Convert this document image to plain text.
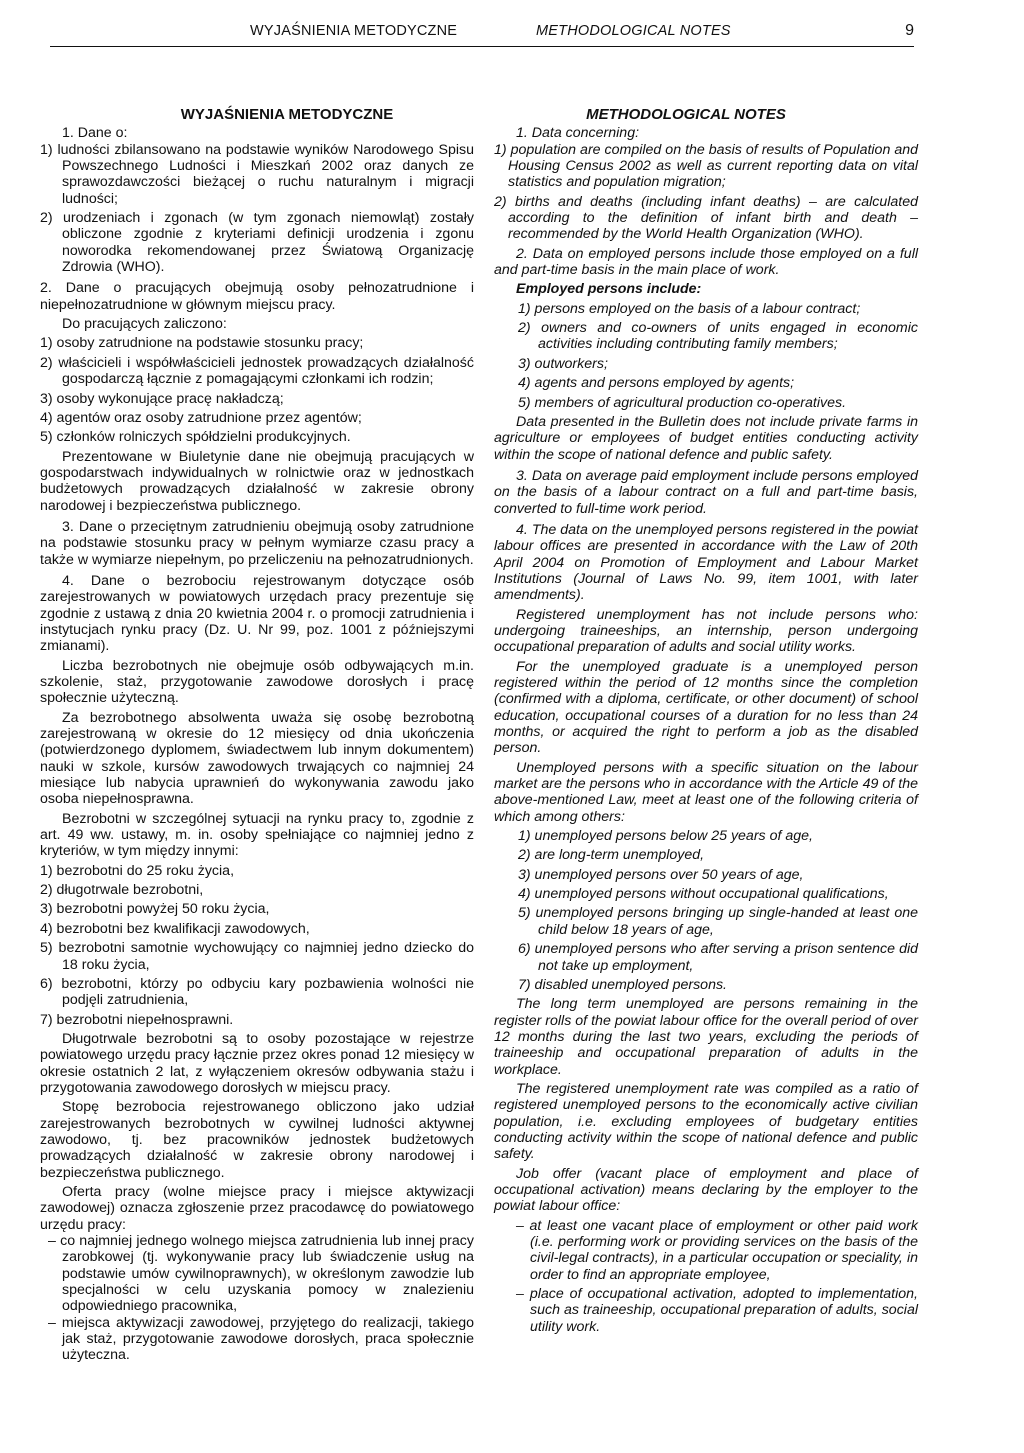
WYJAŚNIENIA METODYCZNE	METHODOLOGICAL NOTES	9

WYJAŚNIENIA METODYCZNE

1. Dane o:

1) ludności zbilansowano na podstawie wyników Narodowego Spisu Powszechnego Ludności i Mieszkań 2002 oraz danych ze sprawozdawczości bieżącej o ruchu naturalnym i migracji ludności;

2) urodzeniach i zgonach (w tym zgonach niemowląt) zostały obliczone zgodnie z kryteriami definicji urodzenia i zgonu noworodka rekomendowanej przez Światową Organizację Zdrowia (WHO).

2. Dane o pracujących obejmują osoby pełnozatrudnione i niepełnozatrudnione w głównym miejscu pracy.

Do pracujących zaliczono:

1) osoby zatrudnione na podstawie stosunku pracy;

2) właścicieli i współwłaścicieli jednostek prowadzących działalność gospodarczą łącznie z pomagającymi członkami ich rodzin;

3) osoby wykonujące pracę nakładczą;

4) agentów oraz osoby zatrudnione przez agentów;

5) członków rolniczych spółdzielni produkcyjnych.

Prezentowane w Biuletynie dane nie obejmują pracujących w gospodarstwach indywidualnych w rolnictwie oraz w jednostkach budżetowych prowadzących działalność w zakresie obrony narodowej i bezpieczeństwa publicznego.

3. Dane o przeciętnym zatrudnieniu obejmują osoby zatrudnione na podstawie stosunku pracy w pełnym wymiarze czasu pracy a także w wymiarze niepełnym, po przeliczeniu na pełnozatrudnionych.

4. Dane o bezrobociu rejestrowanym dotyczące osób zarejestrowanych w powiatowych urzędach pracy prezentuje się zgodnie z ustawą z dnia 20 kwietnia 2004 r. o promocji zatrudnienia i instytucjach rynku pracy (Dz. U. Nr 99, poz. 1001 z późniejszymi zmianami).

Liczba bezrobotnych nie obejmuje osób odbywających m.in. szkolenie, staż, przygotowanie zawodowe dorosłych i pracę społecznie użyteczną.

Za bezrobotnego absolwenta uważa się osobę bezrobotną zarejestrowaną w okresie do 12 miesięcy od dnia ukończenia (potwierdzonego dyplomem, świadectwem lub innym dokumentem) nauki w szkole, kursów zawodowych trwających co najmniej 24 miesiące lub nabycia uprawnień do wykonywania zawodu jako osoba niepełnosprawna.

Bezrobotni w szczególnej sytuacji na rynku pracy to, zgodnie z art. 49 ww. ustawy, m. in. osoby spełniające co najmniej jedno z kryteriów, w tym między innymi:

1) bezrobotni do 25 roku życia,

2) długotrwale bezrobotni,

3) bezrobotni powyżej 50 roku życia,

4) bezrobotni bez kwalifikacji zawodowych,

5) bezrobotni samotnie wychowujący co najmniej jedno dziecko do 18 roku życia,

6) bezrobotni, którzy po odbyciu kary pozbawienia wolności nie podjęli zatrudnienia,

7) bezrobotni niepełnosprawni.

Długotrwale bezrobotni są to osoby pozostające w rejestrze powiatowego urzędu pracy łącznie przez okres ponad 12 miesięcy w okresie ostatnich 2 lat, z wyłączeniem okresów odbywania stażu i przygotowania zawodowego dorosłych w miejscu pracy.

Stopę bezrobocia rejestrowanego obliczono jako udział zarejestrowanych bezrobotnych w cywilnej ludności aktywnej zawodowo, tj. bez pracowników jednostek budżetowych prowadzących działalność w zakresie obrony narodowej i bezpieczeństwa publicznego.

Oferta pracy (wolne miejsce pracy i miejsce aktywizacji zawodowej) oznacza zgłoszenie przez pracodawcę do powiatowego urzędu pracy:

– co najmniej jednego wolnego miejsca zatrudnienia lub innej pracy zarobkowej (tj. wykonywanie pracy lub świadczenie usług na podstawie umów cywilnoprawnych), w określonym zawodzie lub specjalności w celu uzyskania pomocy w znalezieniu odpowiedniego pracownika,

– miejsca aktywizacji zawodowej, przyjętego do realizacji, takiego jak staż, przygotowanie zawodowe dorosłych, praca społecznie użyteczna.

METHODOLOGICAL NOTES

1. Data concerning:

1) population are compiled on the basis of results of Population and Housing Census 2002 as well as current reporting data on vital statistics and population migration;

2) births and deaths (including infant deaths) – are calculated according to the definition of infant birth and death – recommended by the World Health Organization (WHO).

2. Data on employed persons include those employed on a full and part-time basis in the main place of work.

Employed persons include:

1) persons employed on the basis of a labour contract;

2) owners and co-owners of units engaged in economic activities including contributing family members;

3) outworkers;

4) agents and persons employed by agents;

5) members of agricultural production co-operatives.

Data presented in the Bulletin does not include private farms in agriculture or employees of budget entities conducting activity within the scope of national defence and public safety.

3. Data on average paid employment include persons employed on the basis of a labour contract on a full and part-time basis, converted to full-time work period.

4. The data on the unemployed persons registered in the powiat labour offices are presented in accordance with the Law of 20th April 2004 on Promotion of Employment and Labour Market Institutions (Journal of Laws No. 99, item 1001, with later amendments).

Registered unemployment has not include persons who: undergoing traineeships, an internship, person undergoing occupational preparation of adults and social utility works.

For the unemployed graduate is a unemployed person registered within the period of 12 months since the completion (confirmed with a diploma, certificate, or other document) of school education, occupational courses of a duration for no less than 24 months, or acquired the right to perform a job as the disabled person.

Unemployed persons with a specific situation on the labour market are the persons who in accordance with the Article 49 of the above-mentioned Law, meet at least one of the following criteria of which among others:

1) unemployed persons below 25 years of age,

2) are long-term unemployed,

3) unemployed persons over 50 years of age,

4) unemployed persons without occupational qualifications,

5) unemployed persons bringing up single-handed at least one child below 18 years of age,

6) unemployed persons who after serving a prison sentence did not take up employment,

7) disabled unemployed persons.

The long term unemployed are persons remaining in the register rolls of the powiat labour office for the overall period of over 12 months during the last two years, excluding the periods of traineeship and occupational preparation of adults in the workplace.

The registered unemployment rate was compiled as a ratio of registered unemployed persons to the economically active civilian population, i.e. excluding employees of budgetary entities conducting activity within the scope of national defence and public safety.

Job offer (vacant place of employment and place of occupational activation) means declaring by the employer to the powiat labour office:

– at least one vacant place of employment or other paid work (i.e. performing work or providing services on the basis of the civil-legal contracts), in a particular occupation or speciality, in order to find an appropriate employee,

– place of occupational activation, adopted to implementation, such as traineeship, occupational preparation of adults, social utility work.
